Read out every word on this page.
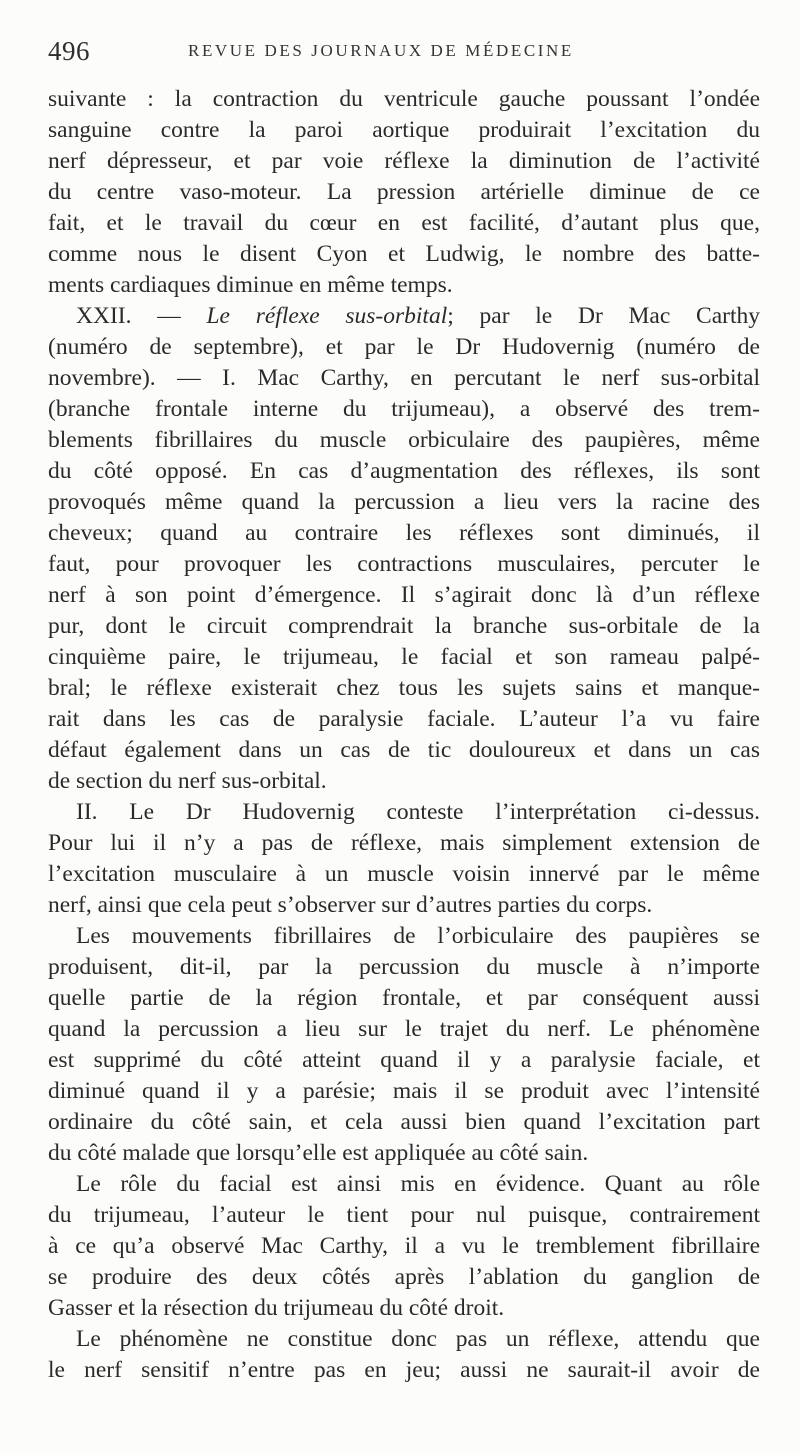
496	REVUE DES JOURNAUX DE MÉDECINE
suivante : la contraction du ventricule gauche poussant l’ondée
sanguine contre la paroi aortique produirait l’excitation du
nerf dépresseur, et par voie réflexe la diminution de l’activité
du centre vaso-moteur. La pression artérielle diminue de ce
fait, et le travail du cœur en est facilité, d’autant plus que,
comme nous le disent Cyon et Ludwig, le nombre des batte-
ments cardiaques diminue en même temps.
XXII. — Le réflexe sus-orbital; par le Dr Mac Carthy
(numéro de septembre), et par le Dr Hudovernig (numéro de
novembre). — I. Mac Carthy, en percutant le nerf sus-orbital
(branche frontale interne du trijumeau), a observé des trem-
blements fibrillaires du muscle orbiculaire des paupières, même
du côté opposé. En cas d’augmentation des réflexes, ils sont
provoqués même quand la percussion a lieu vers la racine des
cheveux; quand au contraire les réflexes sont diminués, il
faut, pour provoquer les contractions musculaires, percuter le
nerf à son point d’émergence. Il s’agirait donc là d’un réflexe
pur, dont le circuit comprendrait la branche sus-orbitale de la
cinquième paire, le trijumeau, le facial et son rameau palpé-
bral; le réflexe existerait chez tous les sujets sains et manque-
rait dans les cas de paralysie faciale. L’auteur l’a vu faire
défaut également dans un cas de tic douloureux et dans un cas
de section du nerf sus-orbital.
II. Le Dr Hudovernig conteste l’interprétation ci-dessus.
Pour lui il n’y a pas de réflexe, mais simplement extension de
l’excitation musculaire à un muscle voisin innervé par le même
nerf, ainsi que cela peut s’observer sur d’autres parties du corps.
Les mouvements fibrillaires de l’orbiculaire des paupières se
produisent, dit-il, par la percussion du muscle à n’importe
quelle partie de la région frontale, et par conséquent aussi
quand la percussion a lieu sur le trajet du nerf. Le phénomène
est supprimé du côté atteint quand il y a paralysie faciale, et
diminué quand il y a parésie; mais il se produit avec l’intensité
ordinaire du côté sain, et cela aussi bien quand l’excitation part
du côté malade que lorsqu’elle est appliquée au côté sain.
Le rôle du facial est ainsi mis en évidence. Quant au rôle
du trijumeau, l’auteur le tient pour nul puisque, contrairement
à ce qu’a observé Mac Carthy, il a vu le tremblement fibrillaire
se produire des deux côtés après l’ablation du ganglion de
Gasser et la résection du trijumeau du côté droit.
Le phénomène ne constitue donc pas un réflexe, attendu que
le nerf sensitif n’entre pas en jeu; aussi ne saurait-il avoir de
